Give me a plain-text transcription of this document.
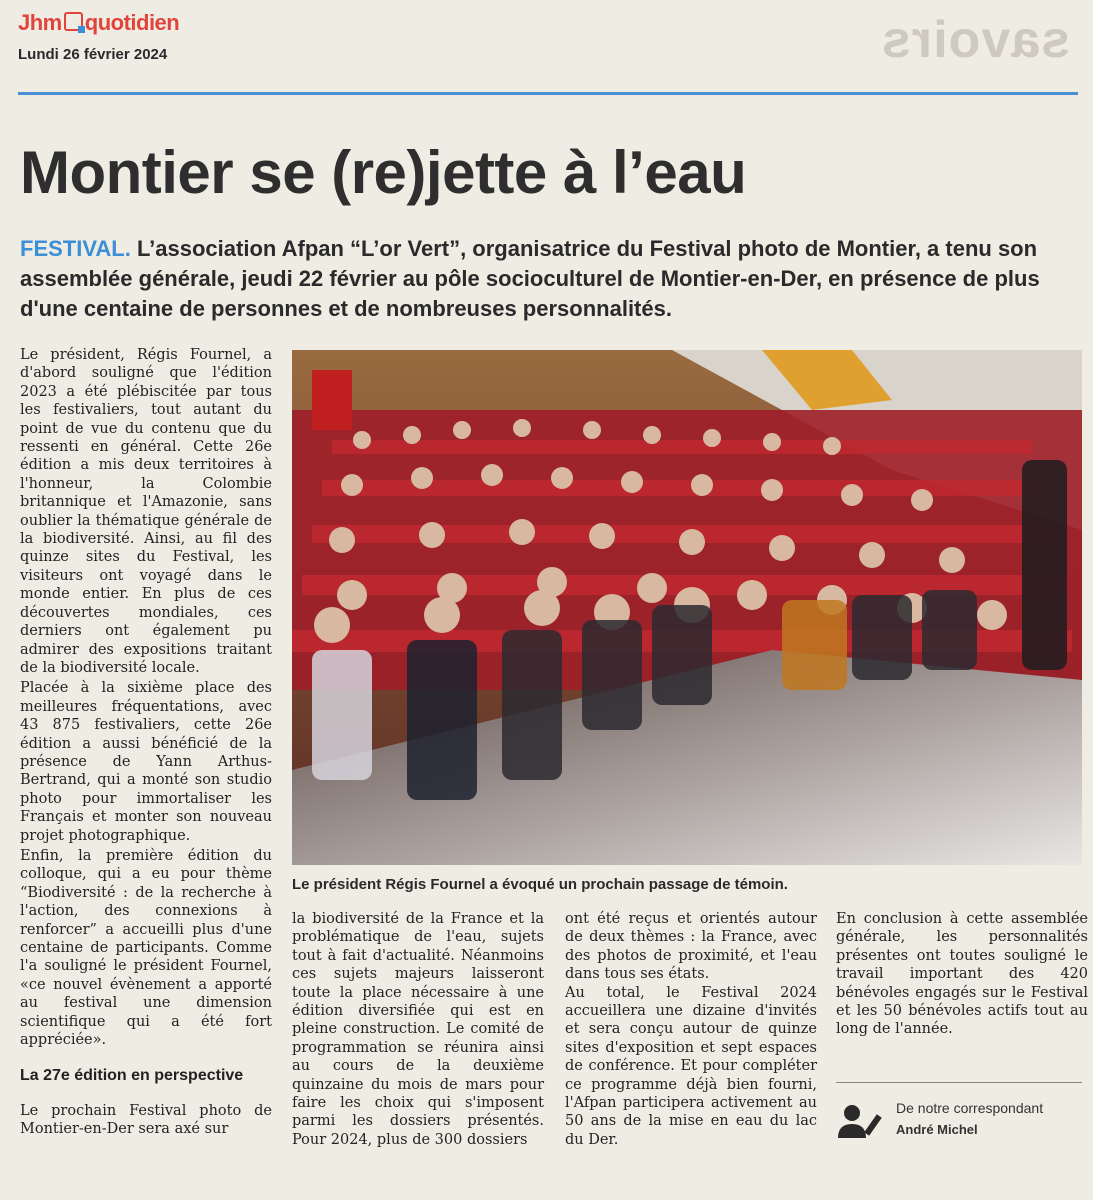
Jhm quotidien
Lundi 26 février 2024	savoirs
Montier se (re)jette à l’eau

FESTIVAL. L’association Afpan “L’or Vert”, organisatrice du Festival photo de Montier, a tenu son assemblée générale, jeudi 22 février au pôle socioculturel de Montier-en-Der, en présence de plus d'une centaine de personnes et de nombreuses personnalités.

Le président, Régis Fournel, a d'abord souligné que l'édition 2023 a été plébiscitée par tous les festivaliers, tout autant du point de vue du contenu que du ressenti en général. Cette 26e édition a mis deux territoires à l'honneur, la Colombie britannique et l'Amazonie, sans oublier la thématique générale de la biodiversité. Ainsi, au fil des quinze sites du Festival, les visiteurs ont voyagé dans le monde entier. En plus de ces découvertes mondiales, ces derniers ont également pu admirer des expositions traitant de la biodiversité locale.

Placée à la sixième place des meilleures fréquentations, avec 43 875 festivaliers, cette 26e édition a aussi bénéficié de la présence de Yann Arthus-Bertrand, qui a monté son studio photo pour immortaliser les Français et monter son nouveau projet photographique.

Enfin, la première édition du colloque, qui a eu pour thème “Biodiversité : de la recherche à l'action, des connexions à renforcer” a accueilli plus d'une centaine de participants. Comme l'a souligné le président Fournel, «ce nouvel évènement a apporté au festival une dimension scientifique qui a été fort appréciée».

La 27e édition en perspective

Le prochain Festival photo de Montier-en-Der sera axé sur

Le président Régis Fournel a évoqué un prochain passage de témoin.

la biodiversité de la France et la problématique de l'eau, sujets tout à fait d'actualité. Néanmoins ces sujets majeurs laisseront toute la place nécessaire à une édition diversifiée qui est en pleine construction. Le comité de programmation se réunira ainsi au cours de la deuxième quinzaine du mois de mars pour faire les choix qui s'imposent parmi les dossiers présentés. Pour 2024, plus de 300 dossiers

ont été reçus et orientés autour de deux thèmes : la France, avec des photos de proximité, et l'eau dans tous ses états.

Au total, le Festival 2024 accueillera une dizaine d'invités et sera conçu autour de quinze sites d'exposition et sept espaces de conférence. Et pour compléter ce programme déjà bien fourni, l'Afpan participera activement au 50 ans de la mise en eau du lac du Der.

En conclusion à cette assemblée générale, les personnalités présentes ont toutes souligné le travail important des 420 bénévoles engagés sur le Festival et les 50 bénévoles actifs tout au long de l'année.

De notre correspondant
André Michel
